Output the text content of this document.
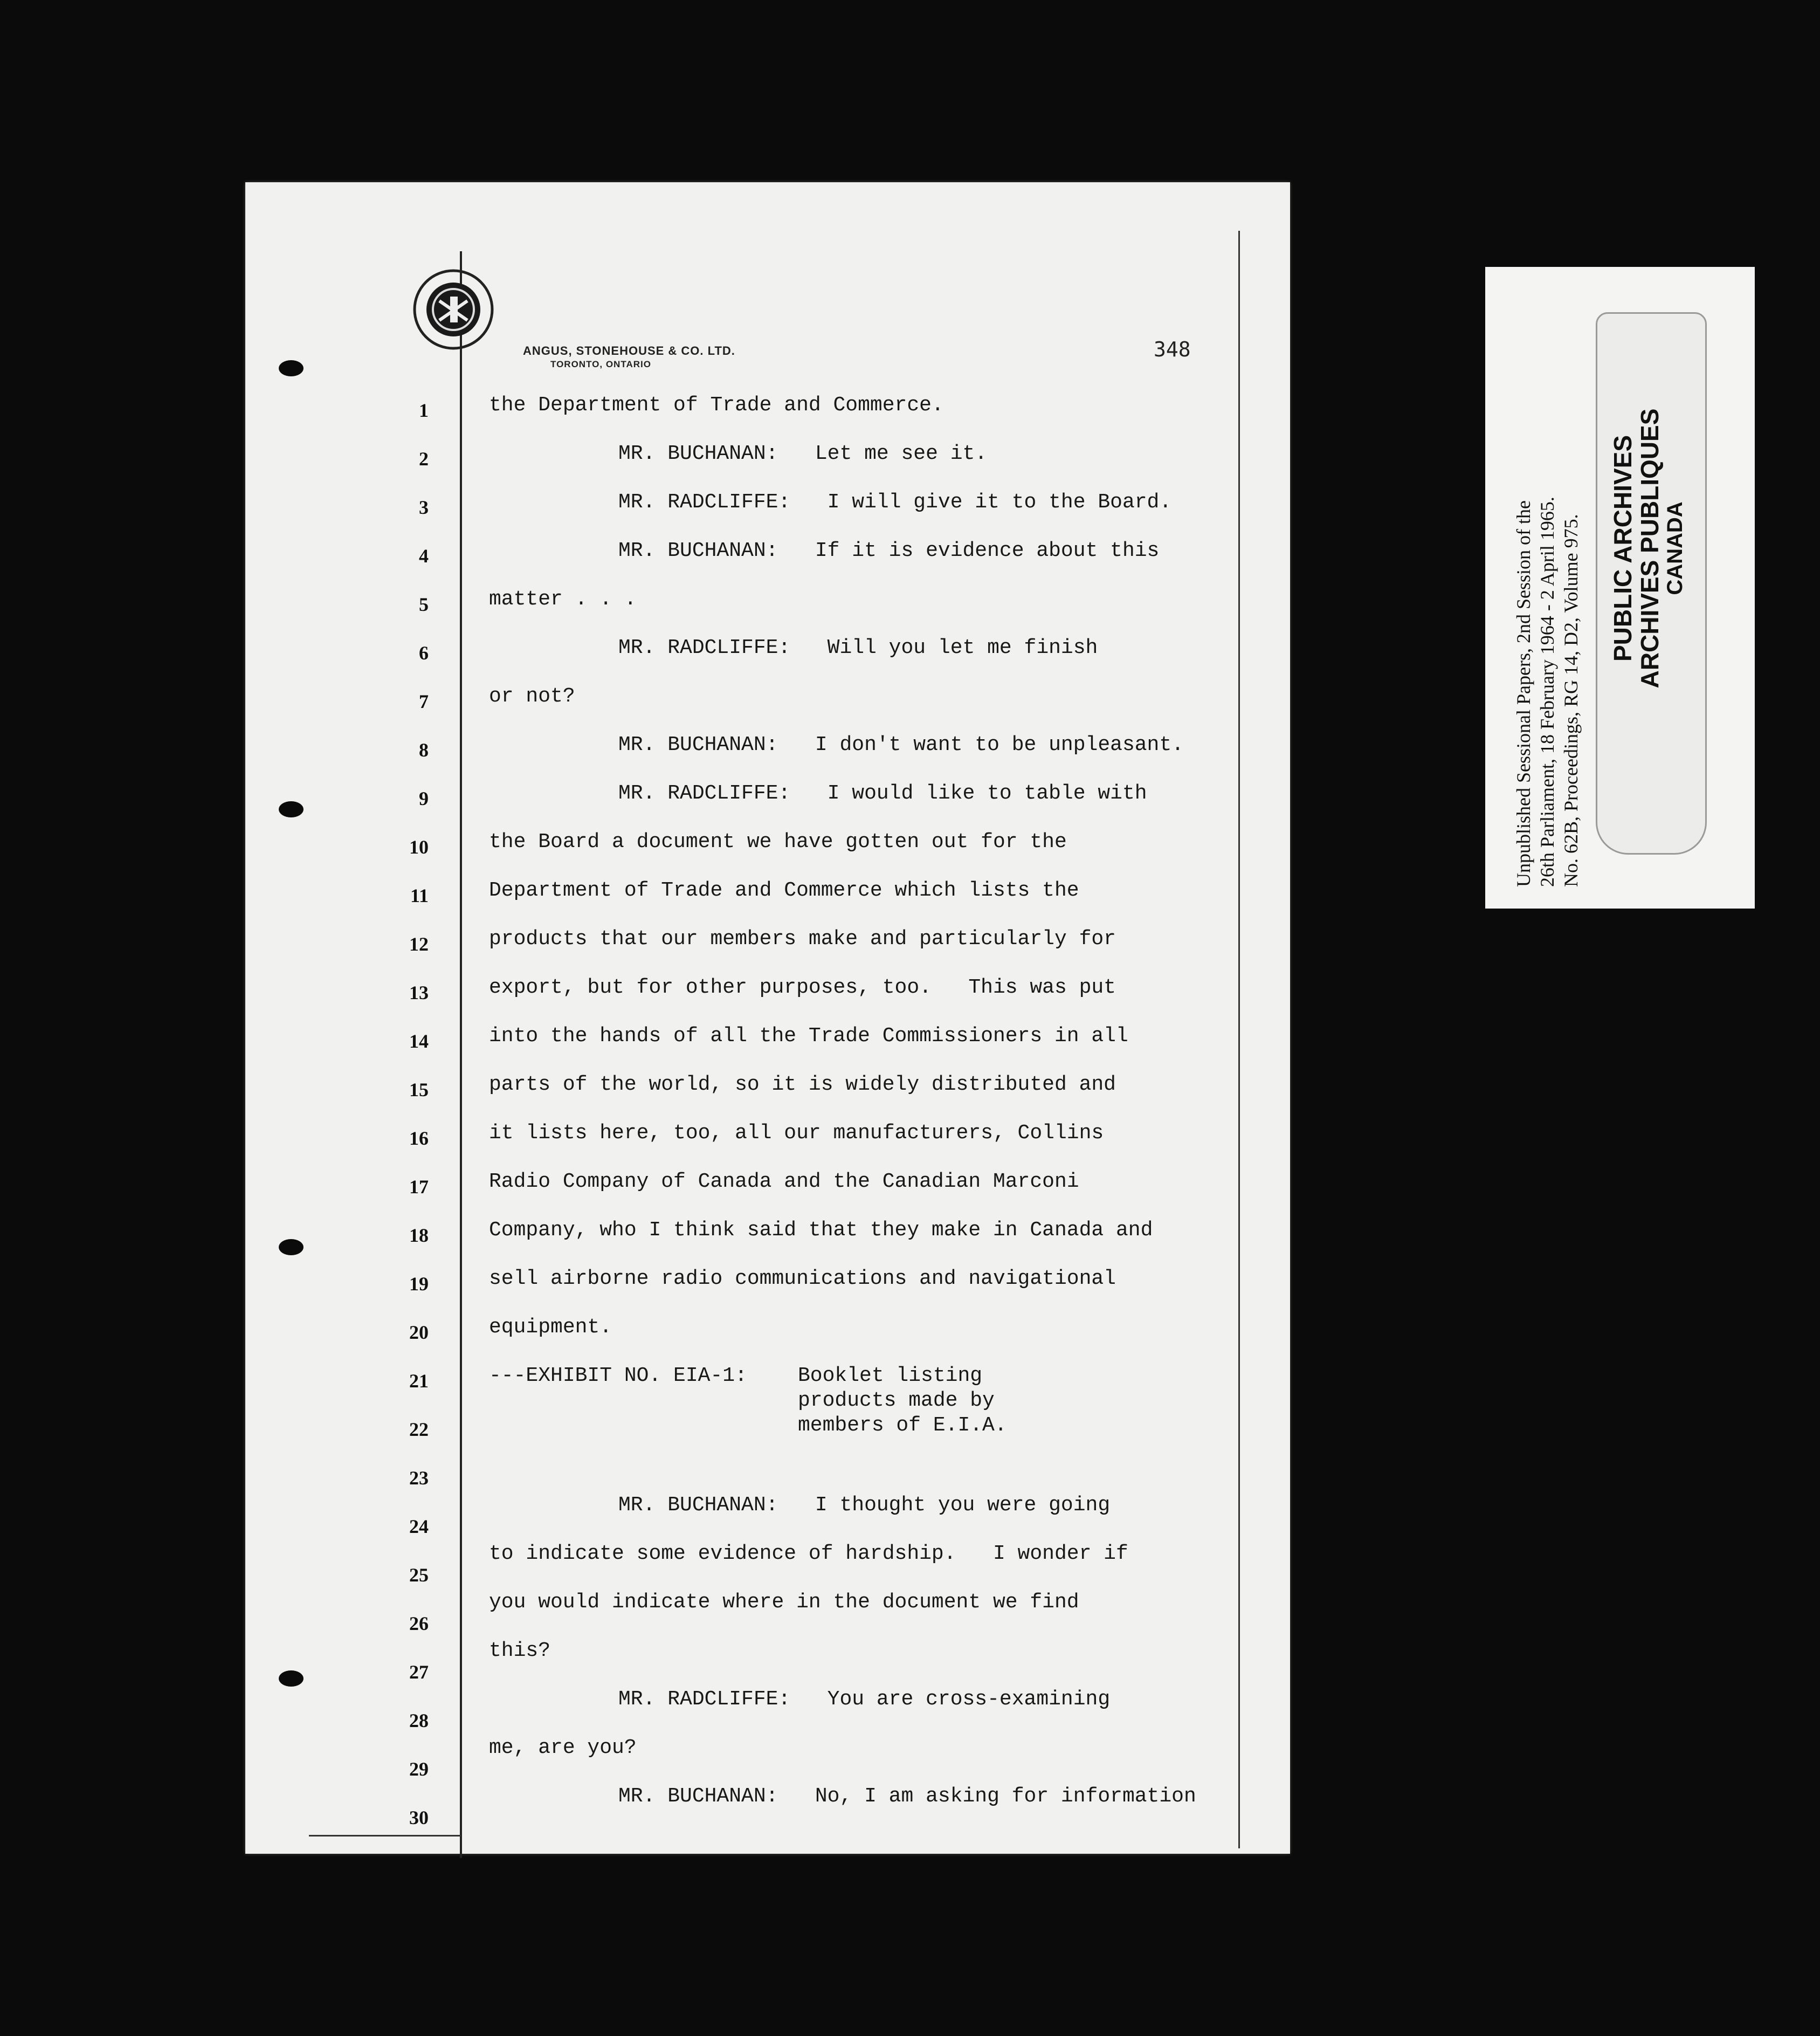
ANGUS, STONEHOUSE & CO. LTD.
TORONTO, ONTARIO
348
1
2
3
4
5
6
7
8
9
10
11
12
13
14
15
16
17
18
19
20
21
22
23
24
25
26
27
28
29
30
the Department of Trade and Commerce.
MR. BUCHANAN:   Let me see it.
MR. RADCLIFFE:   I will give it to the Board.
MR. BUCHANAN:   If it is evidence about this
matter . . .
MR. RADCLIFFE:   Will you let me finish
or not?
MR. BUCHANAN:   I don't want to be unpleasant.
MR. RADCLIFFE:   I would like to table with
the Board a document we have gotten out for the
Department of Trade and Commerce which lists the
products that our members make and particularly for
export, but for other purposes, too.   This was put
into the hands of all the Trade Commissioners in all
parts of the world, so it is widely distributed and
it lists here, too, all our manufacturers, Collins
Radio Company of Canada and the Canadian Marconi
Company, who I think said that they make in Canada and
sell airborne radio communications and navigational
equipment.
---EXHIBIT NO. EIA-1: Booklet listing
products made by
members of E.I.A.
MR. BUCHANAN:   I thought you were going
to indicate some evidence of hardship.   I wonder if
you would indicate where in the document we find
this?
MR. RADCLIFFE:   You are cross-examining
me, are you?
MR. BUCHANAN:   No, I am asking for information
Unpublished Sessional Papers, 2nd Session of the 26th Parliament, 18 February 1964 - 2 April 1965. No. 62B, Proceedings, RG 14, D2, Volume 975. PUBLIC ARCHIVES
ARCHIVES PUBLIQUES CANADA
